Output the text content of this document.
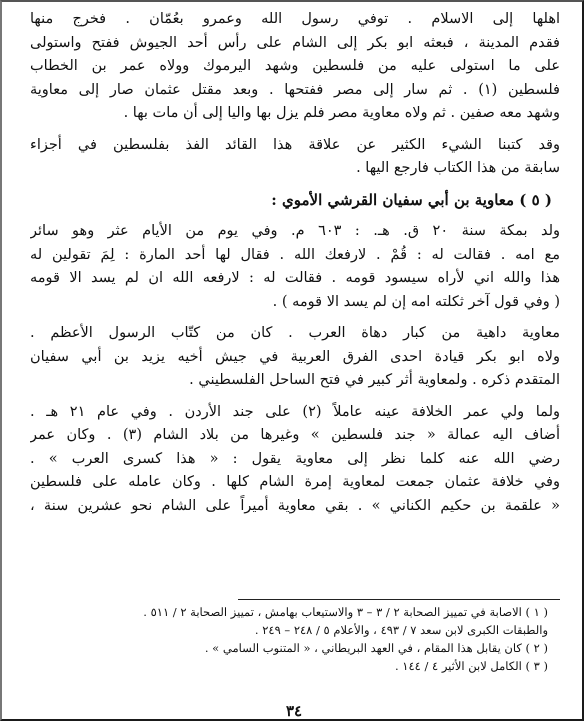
اهلها إلى الاسلام . توفي رسول الله وعمرو بعُمّان . فخرج منها
فقدم المدينة ، فبعثه ابو بكر إلى الشام على رأس أحد الجيوش ففتح واستولى
على ما استولى عليه من فلسطين وشهد اليرموك وولاه عمر بن الخطاب
فلسطين (١) . ثم سار إلى مصر ففتحها . وبعد مقتل عثمان صار إلى معاوية
وشهد معه صفين . ثم ولاه معاوية مصر فلم يزل بها واليا إلى أن مات بها .
وقد كتبنا الشيء الكثير عن علاقة هذا القائد الفذ بفلسطين في أجزاء
سابقة من هذا الكتاب فارجع اليها .
( ٥ ) معاوية بن أبي سفيان القرشي الأموي :
ولد بمكة سنة ٢٠ ق. هـ. : ٦٠٣ م. وفي يوم من الأيام عثر وهو سائر
مع امه . فقالت له : قُمْ . لارفعك الله . فقال لها أحد المارة : لِمَ تقولين له
هذا والله اني لأراه سيسود قومه . فقالت له : لارفعه الله ان لم يسد الا قومه
( وفي قول آخر ثكلته امه إن لم يسد الا قومه ) .
معاوية داهية من كبار دهاة العرب . كان من كتّاب الرسول الأعظم .
ولاه ابو بكر قيادة احدى الفرق العربية في جيش أخيه يزيد بن أبي سفيان
المتقدم ذكره . ولمعاوية أثر كبير في فتح الساحل الفلسطيني .
ولما ولي عمر الخلافة عينه عاملاً (٢) على جند الأردن . وفي عام ٢١ هـ .
أضاف اليه عمالة « جند فلسطين » وغيرها من بلاد الشام (٣) . وكان عمر
رضي الله عنه كلما نظر إلى معاوية يقول : « هذا كسرى العرب » .
وفي خلافة عثمان جمعت لمعاوية إمرة الشام كلها . وكان عامله على فلسطين
« علقمة بن حكيم الكناني » . بقي معاوية أميراً على الشام نحو عشرين سنة ،
( ١ ) الاصابة في تمييز الصحابة ٢ / ٣ – ٣ والاستيعاب بهامش ، تمييز الصحابة ٢ / ٥١١ .
والطبقات الكبرى لابن سعد ٧ / ٤٩٣ ، والأعلام ٥ / ٢٤٨ – ٢٤٩ .
( ٢ ) كان يقابل هذا المقام ، في العهد البريطاني ، « المتنوب السامي » .
( ٣ ) الكامل لابن الأثير ٤ / ١٤٤ .
٣٤
